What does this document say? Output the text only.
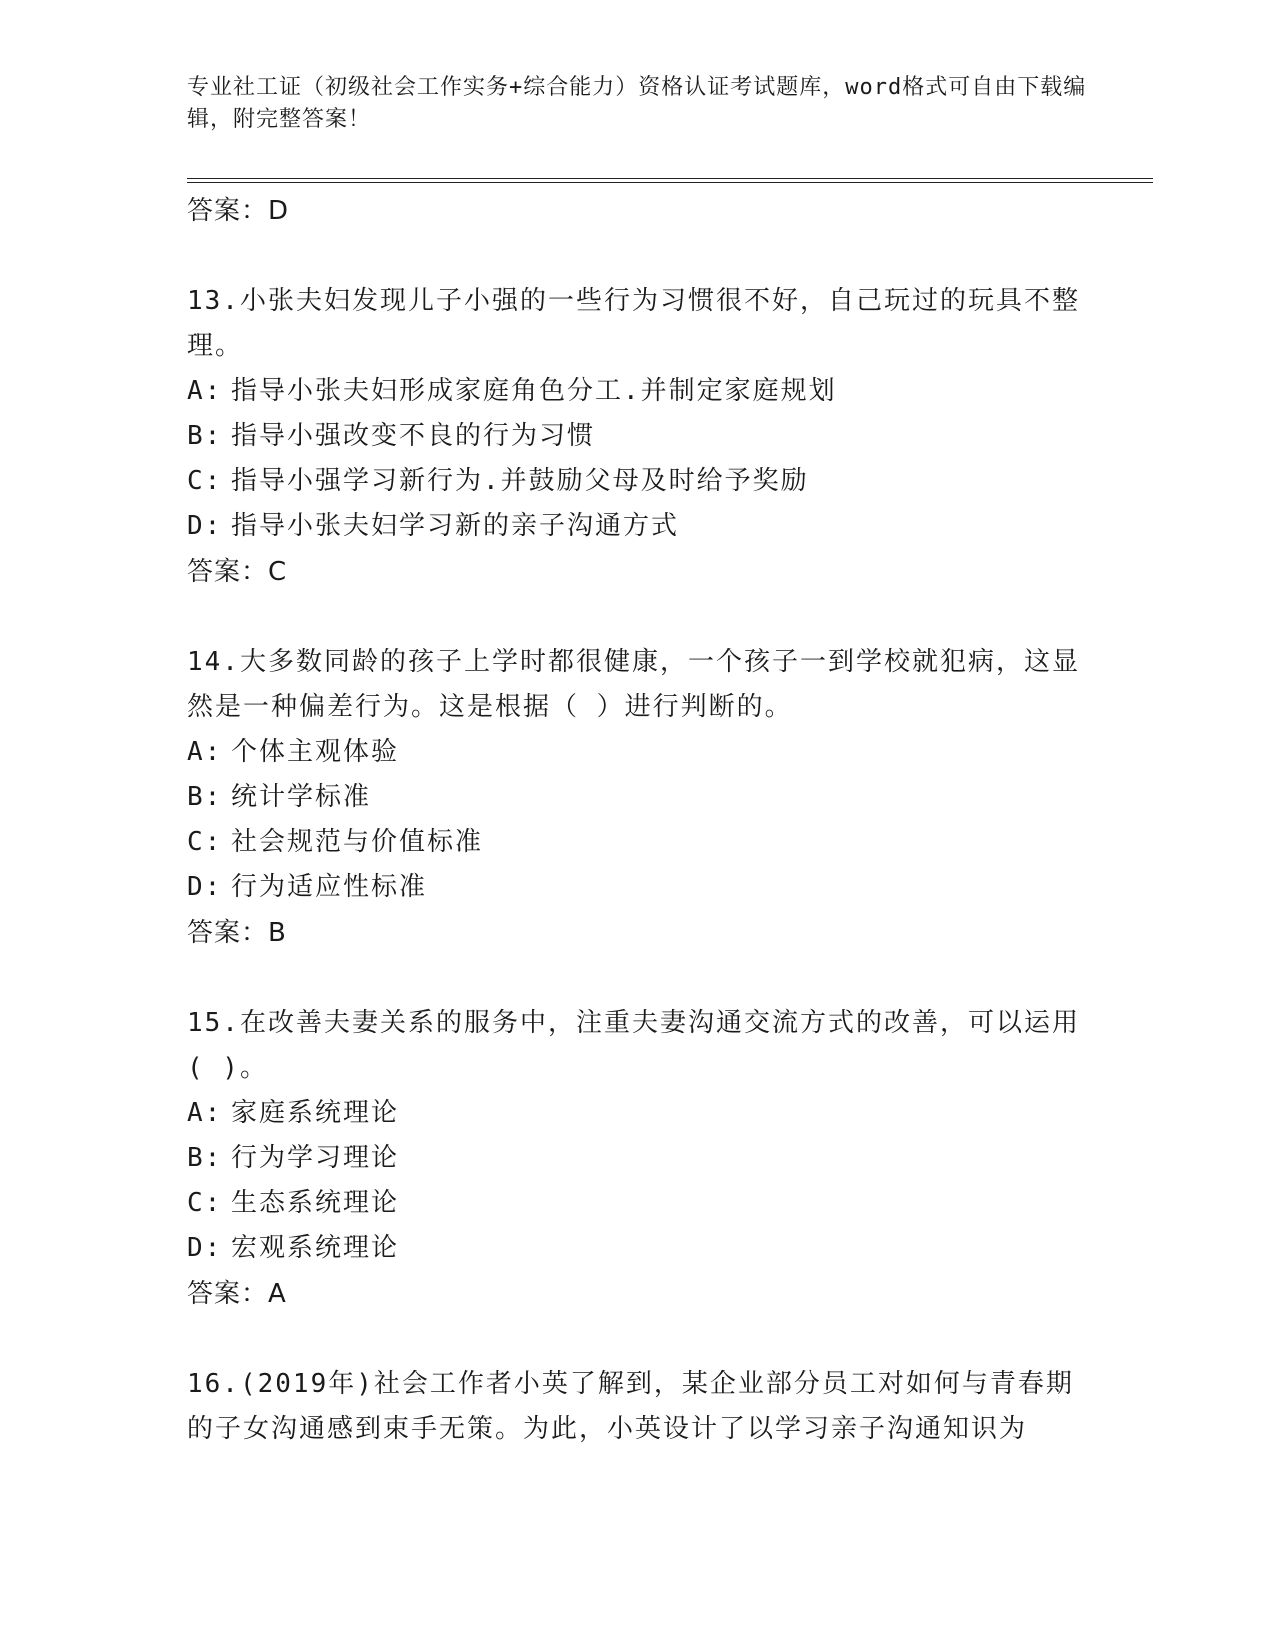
专业社工证（初级社会工作实务+综合能力）资格认证考试题库，word格式可自由下载编辑，附完整答案！

答案：D

13.小张夫妇发现儿子小强的一些行为习惯很不好，自己玩过的玩具不整理。

A: 指导小张夫妇形成家庭角色分工.并制定家庭规划

B: 指导小强改变不良的行为习惯

C: 指导小强学习新行为.并鼓励父母及时给予奖励

D: 指导小张夫妇学习新的亲子沟通方式

答案：C

14.大多数同龄的孩子上学时都很健康，一个孩子一到学校就犯病，这显然是一种偏差行为。这是根据（ ）进行判断的。

A: 个体主观体验

B: 统计学标准

C: 社会规范与价值标准

D: 行为适应性标准

答案：B

15.在改善夫妻关系的服务中，注重夫妻沟通交流方式的改善，可以运用( )。

A: 家庭系统理论

B: 行为学习理论

C: 生态系统理论

D: 宏观系统理论

答案：A

16.(2019年)社会工作者小英了解到，某企业部分员工对如何与青春期的子女沟通感到束手无策。为此，小英设计了以学习亲子沟通知识为
